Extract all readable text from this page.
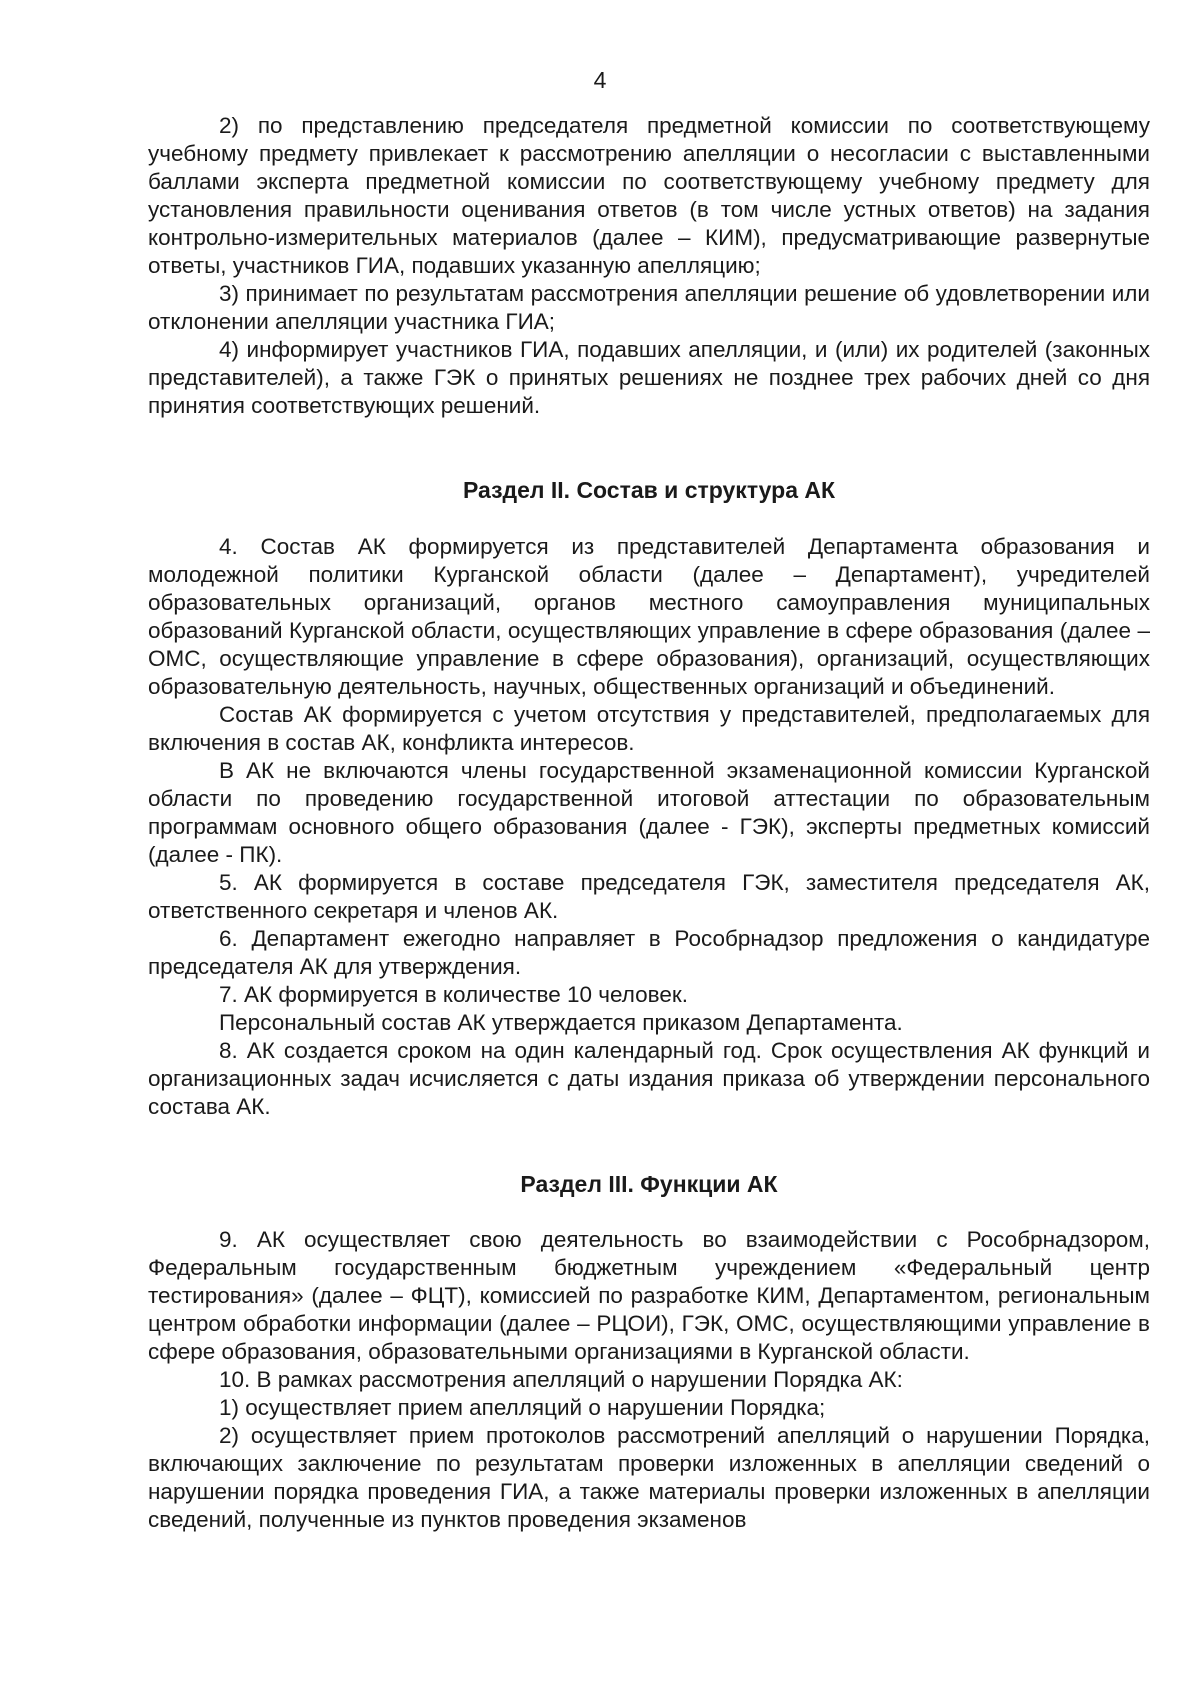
4

2) по представлению председателя предметной комиссии по соответствующему учебному предмету привлекает к рассмотрению апелляции о несогласии с выставленными баллами эксперта предметной комиссии по соответствующему учебному предмету для установления правильности оценивания ответов (в том числе устных ответов) на задания контрольно-измерительных материалов (далее – КИМ), предусматривающие развернутые ответы, участников ГИА, подавших указанную апелляцию;

3) принимает по результатам рассмотрения апелляции решение об удовлетворении или отклонении апелляции участника ГИА;

4) информирует участников ГИА, подавших апелляции, и (или) их родителей (законных представителей), а также ГЭК о принятых решениях не позднее трех рабочих дней со дня принятия соответствующих решений.

Раздел II. Состав и структура АК

4. Состав АК формируется из представителей Департамента образования и молодежной политики Курганской области (далее – Департамент), учредителей образовательных организаций, органов местного самоуправления муниципальных образований Курганской области, осуществляющих управление в сфере образования (далее – ОМС, осуществляющие управление в сфере образования), организаций, осуществляющих образовательную деятельность, научных, общественных организаций и объединений.

Состав АК формируется с учетом отсутствия у представителей, предполагаемых для включения в состав АК, конфликта интересов.

В АК не включаются члены государственной экзаменационной комиссии Курганской области по проведению государственной итоговой аттестации по образовательным программам основного общего образования (далее - ГЭК), эксперты предметных комиссий (далее - ПК).

5. АК формируется в составе председателя ГЭК, заместителя председателя АК, ответственного секретаря и членов АК.

6. Департамент ежегодно направляет в Рособрнадзор предложения о кандидатуре председателя АК для утверждения.

7. АК формируется в количестве 10 человек.

Персональный состав АК утверждается приказом Департамента.

8. АК создается сроком на один календарный год. Срок осуществления АК функций и организационных задач исчисляется с даты издания приказа об утверждении персонального состава АК.

Раздел III. Функции АК

9. АК осуществляет свою деятельность во взаимодействии с Рособрнадзором, Федеральным государственным бюджетным учреждением «Федеральный центр тестирования» (далее – ФЦТ), комиссией по разработке КИМ, Департаментом, региональным центром обработки информации (далее – РЦОИ), ГЭК, ОМС, осуществляющими управление в сфере образования, образовательными организациями в Курганской области.

10. В рамках рассмотрения апелляций о нарушении Порядка АК:

1) осуществляет прием апелляций о нарушении Порядка;

2) осуществляет прием протоколов рассмотрений апелляций о нарушении Порядка, включающих заключение по результатам проверки изложенных в апелляции сведений о нарушении порядка проведения ГИА, а также материалы проверки изложенных в апелляции сведений, полученные из пунктов проведения экзаменов
